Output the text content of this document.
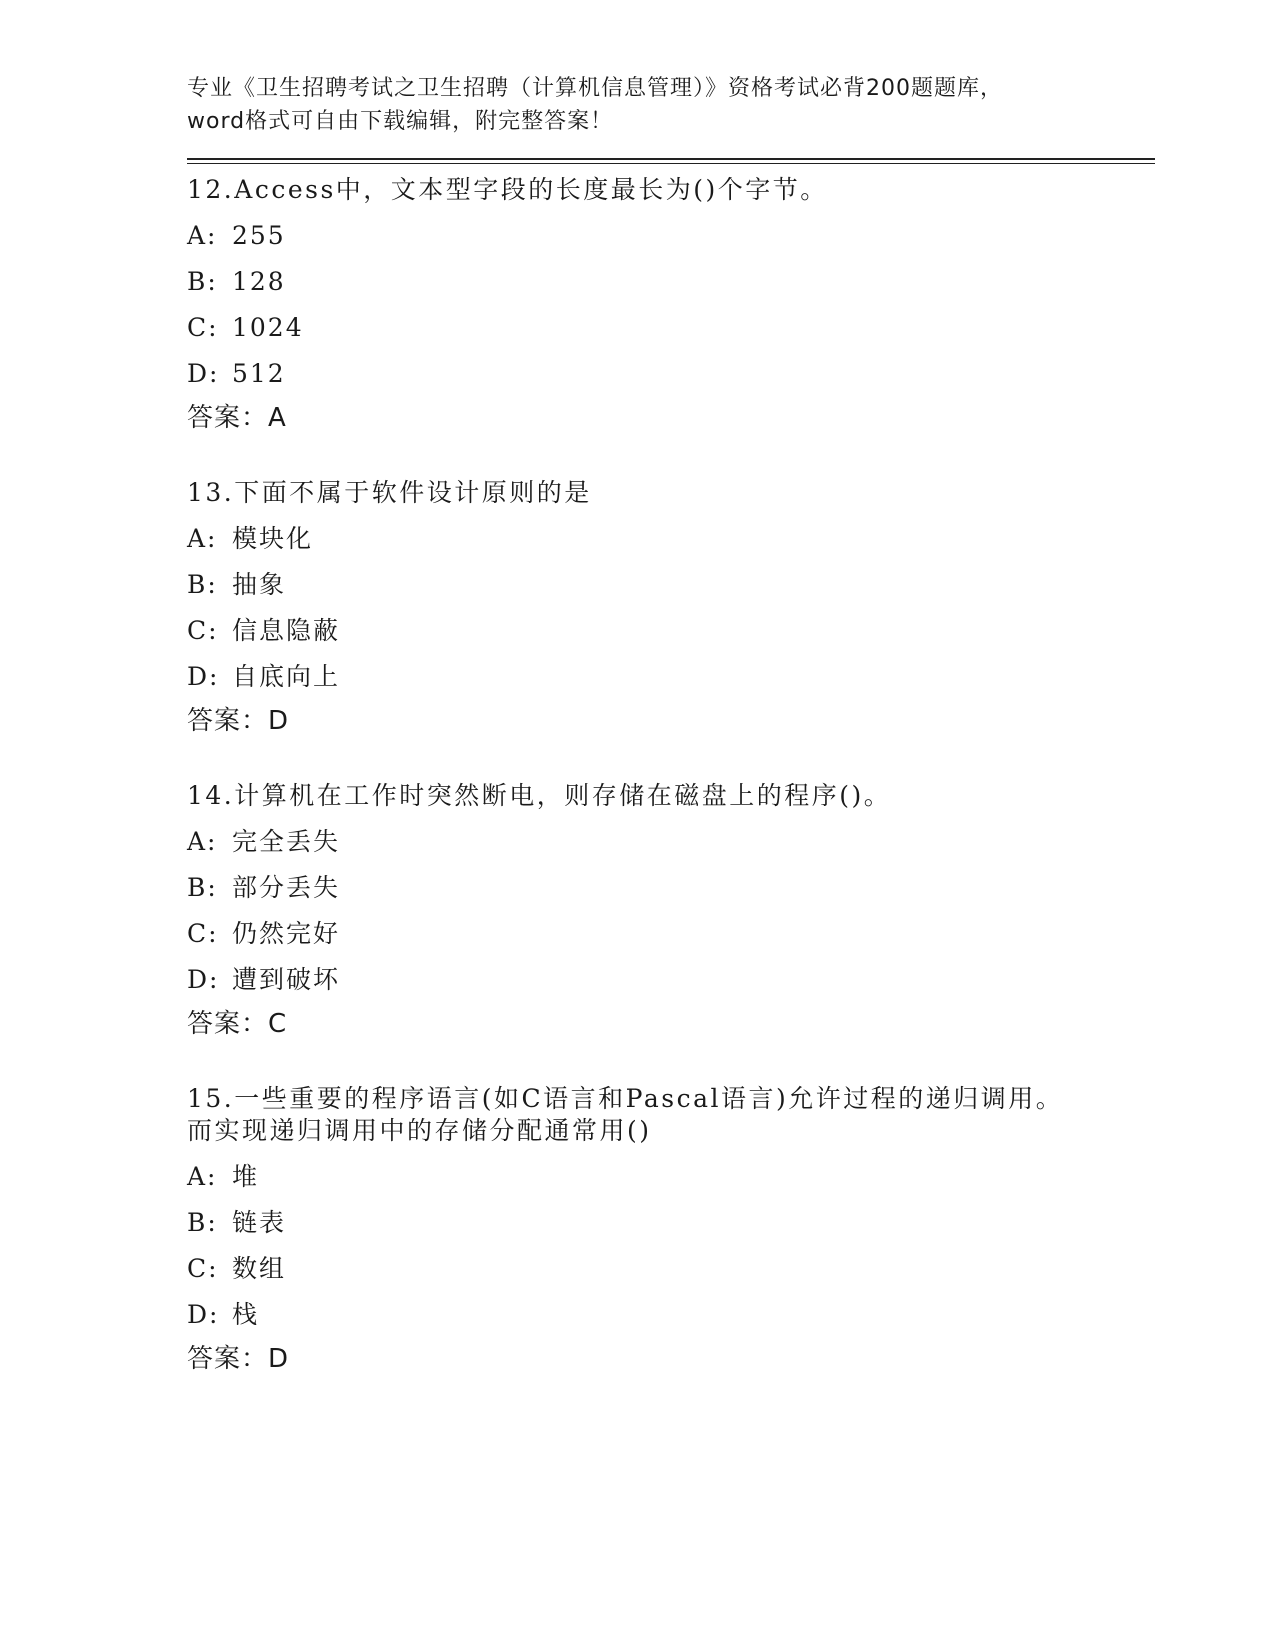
专业《卫生招聘考试之卫生招聘（计算机信息管理）》资格考试必背200题题库，
word格式可自由下载编辑，附完整答案！
12.Access中，文本型字段的长度最长为()个字节。
A: 255
B: 128
C: 1024
D: 512
答案：A
13.下面不属于软件设计原则的是
A: 模块化
B: 抽象
C: 信息隐蔽
D: 自底向上
答案：D
14.计算机在工作时突然断电，则存储在磁盘上的程序()。
A: 完全丢失
B: 部分丢失
C: 仍然完好
D: 遭到破坏
答案：C
15.一些重要的程序语言(如C语言和Pascal语言)允许过程的递归调用。而实现递归调用中的存储分配通常用()
A: 堆
B: 链表
C: 数组
D: 栈
答案：D
